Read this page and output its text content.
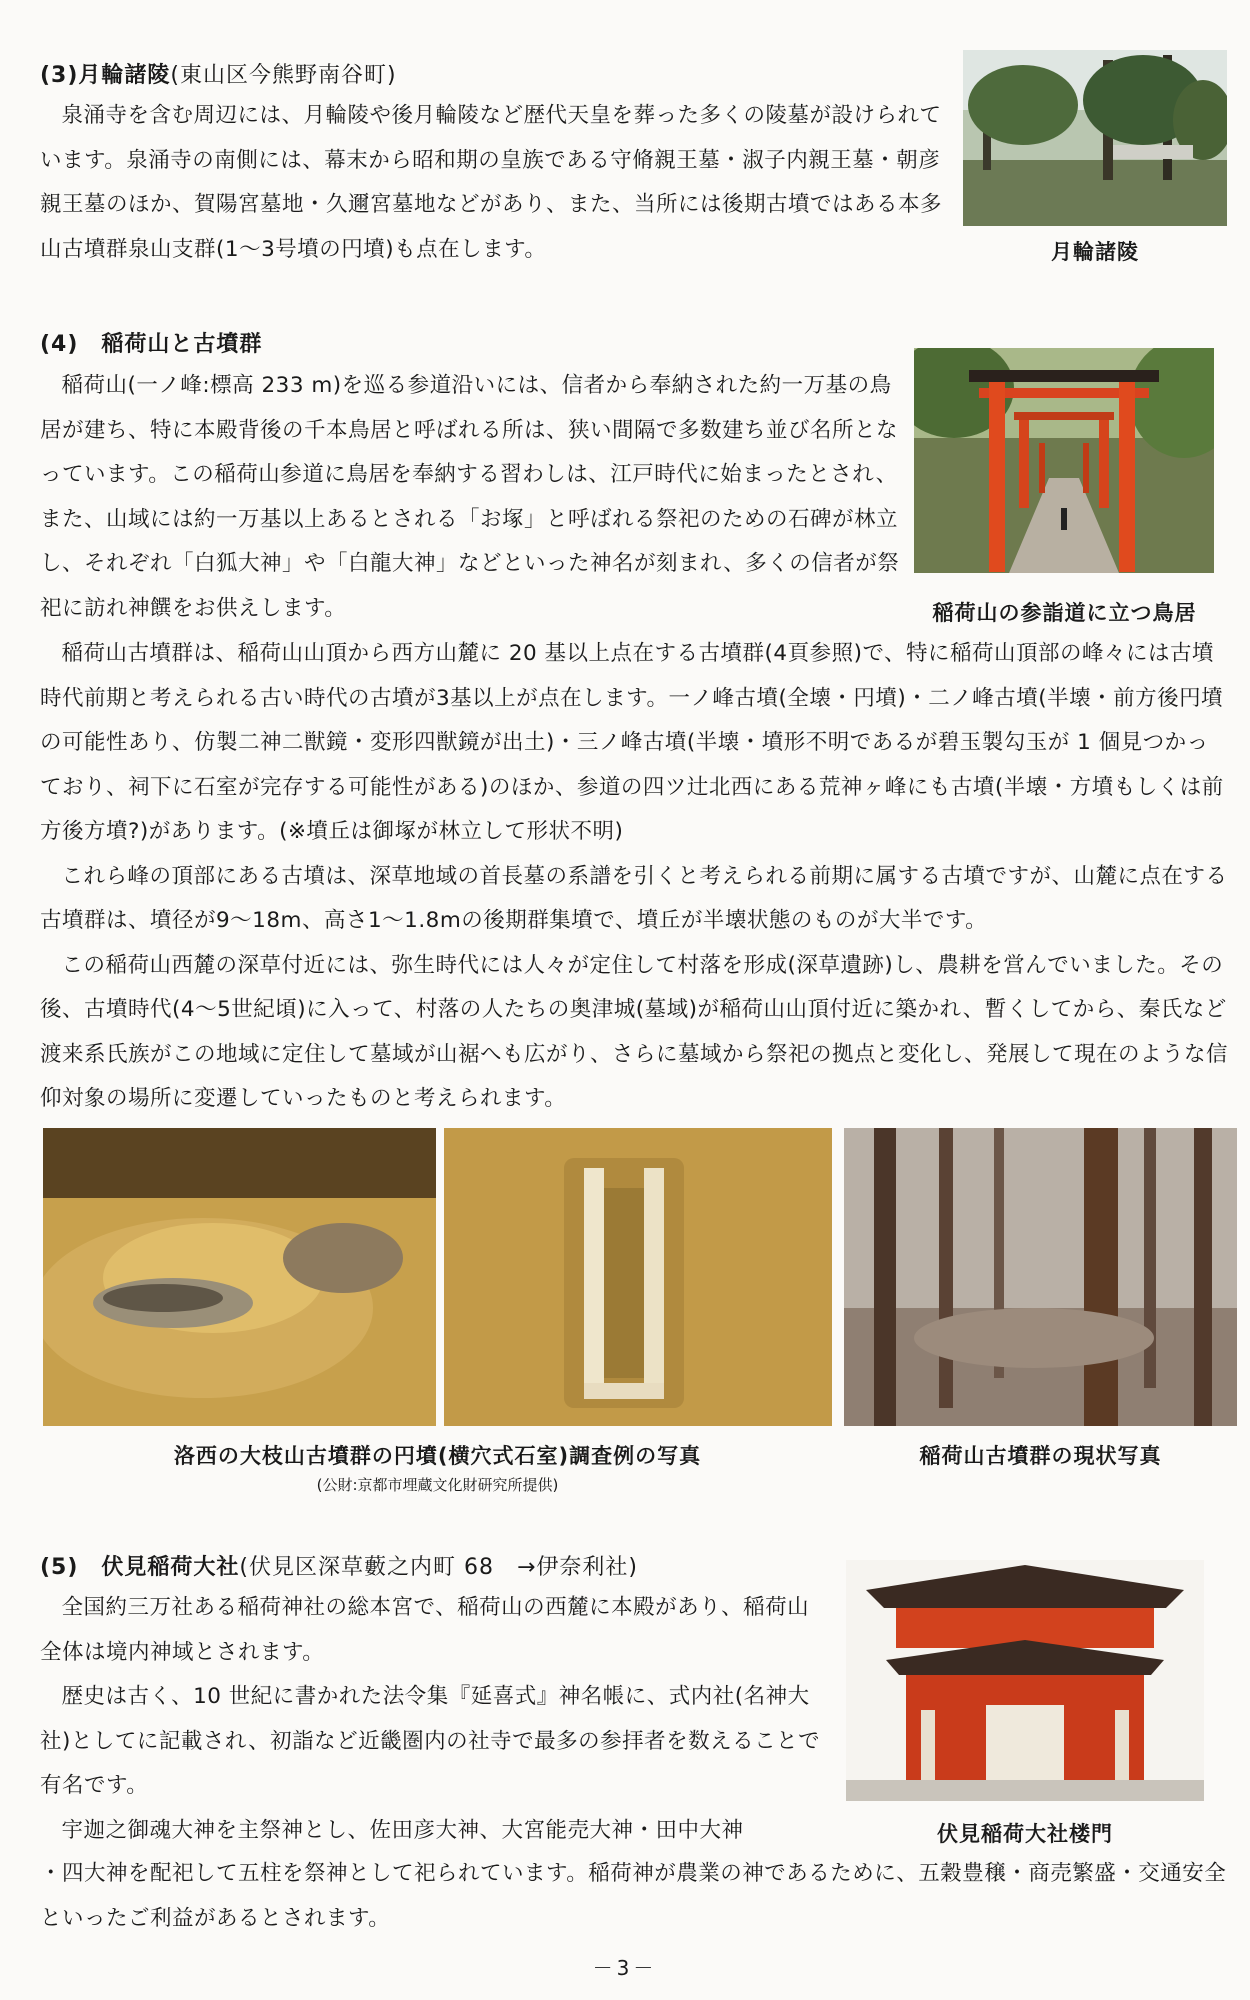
(3)月輪諸陵(東山区今熊野南谷町)

泉涌寺を含む周辺には、月輪陵や後月輪陵など歴代天皇を葬った多くの陵墓が設けられています。泉涌寺の南側には、幕末から昭和期の皇族である守脩親王墓・淑子内親王墓・朝彦親王墓のほか、賀陽宮墓地・久邇宮墓地などがあり、また、当所には後期古墳ではある本多山古墳群泉山支群(1～3号墳の円墳)も点在します。	月輪諸陵
(4)　稲荷山と古墳群

稲荷山(一ノ峰:標高 233 m)を巡る参道沿いには、信者から奉納された約一万基の鳥居が建ち、特に本殿背後の千本鳥居と呼ばれる所は、狭い間隔で多数建ち並び名所となっています。この稲荷山参道に鳥居を奉納する習わしは、江戸時代に始まったとされ、また、山域には約一万基以上あるとされる「お塚」と呼ばれる祭祀のための石碑が林立し、それぞれ「白狐大神」や「白龍大神」などといった神名が刻まれ、多くの信者が祭祀に訪れ神饌をお供えします。	稲荷山の参詣道に立つ鳥居

稲荷山古墳群は、稲荷山山頂から西方山麓に 20 基以上点在する古墳群(4頁参照)で、特に稲荷山頂部の峰々には古墳時代前期と考えられる古い時代の古墳が3基以上が点在します。一ノ峰古墳(全壊・円墳)・二ノ峰古墳(半壊・前方後円墳の可能性あり、仿製二神二獣鏡・変形四獣鏡が出土)・三ノ峰古墳(半壊・墳形不明であるが碧玉製勾玉が 1 個見つかっており、祠下に石室が完存する可能性がある)のほか、参道の四ツ辻北西にある荒神ヶ峰にも古墳(半壊・方墳もしくは前方後方墳?)があります。(※墳丘は御塚が林立して形状不明)

これら峰の頂部にある古墳は、深草地域の首長墓の系譜を引くと考えられる前期に属する古墳ですが、山麓に点在する古墳群は、墳径が9～18m、高さ1～1.8mの後期群集墳で、墳丘が半壊状態のものが大半です。

この稲荷山西麓の深草付近には、弥生時代には人々が定住して村落を形成(深草遺跡)し、農耕を営んでいました。その後、古墳時代(4～5世紀頃)に入って、村落の人たちの奥津城(墓域)が稲荷山山頂付近に築かれ、暫くしてから、秦氏など渡来系氏族がこの地域に定住して墓域が山裾へも広がり、さらに墓域から祭祀の拠点と変化し、発展して現在のような信仰対象の場所に変遷していったものと考えられます。

洛西の大枝山古墳群の円墳(横穴式石室)調査例の写真
(公財:京都市埋蔵文化財研究所提供)
稲荷山古墳群の現状写真
(5)　伏見稲荷大社(伏見区深草藪之内町 68　→伊奈利社)

全国約三万社ある稲荷神社の総本宮で、稲荷山の西麓に本殿があり、稲荷山全体は境内神域とされます。

歴史は古く、10 世紀に書かれた法令集『延喜式』神名帳に、式内社(名神大社)としてに記載され、初詣など近畿圏内の社寺で最多の参拝者を数えることで有名です。

宇迦之御魂大神を主祭神とし、佐田彦大神、大宮能売大神・田中大神	伏見稲荷大社楼門

・四大神を配祀して五柱を祭神として祀られています。稲荷神が農業の神であるために、五穀豊穣・商売繁盛・交通安全といったご利益があるとされます。

－3－
